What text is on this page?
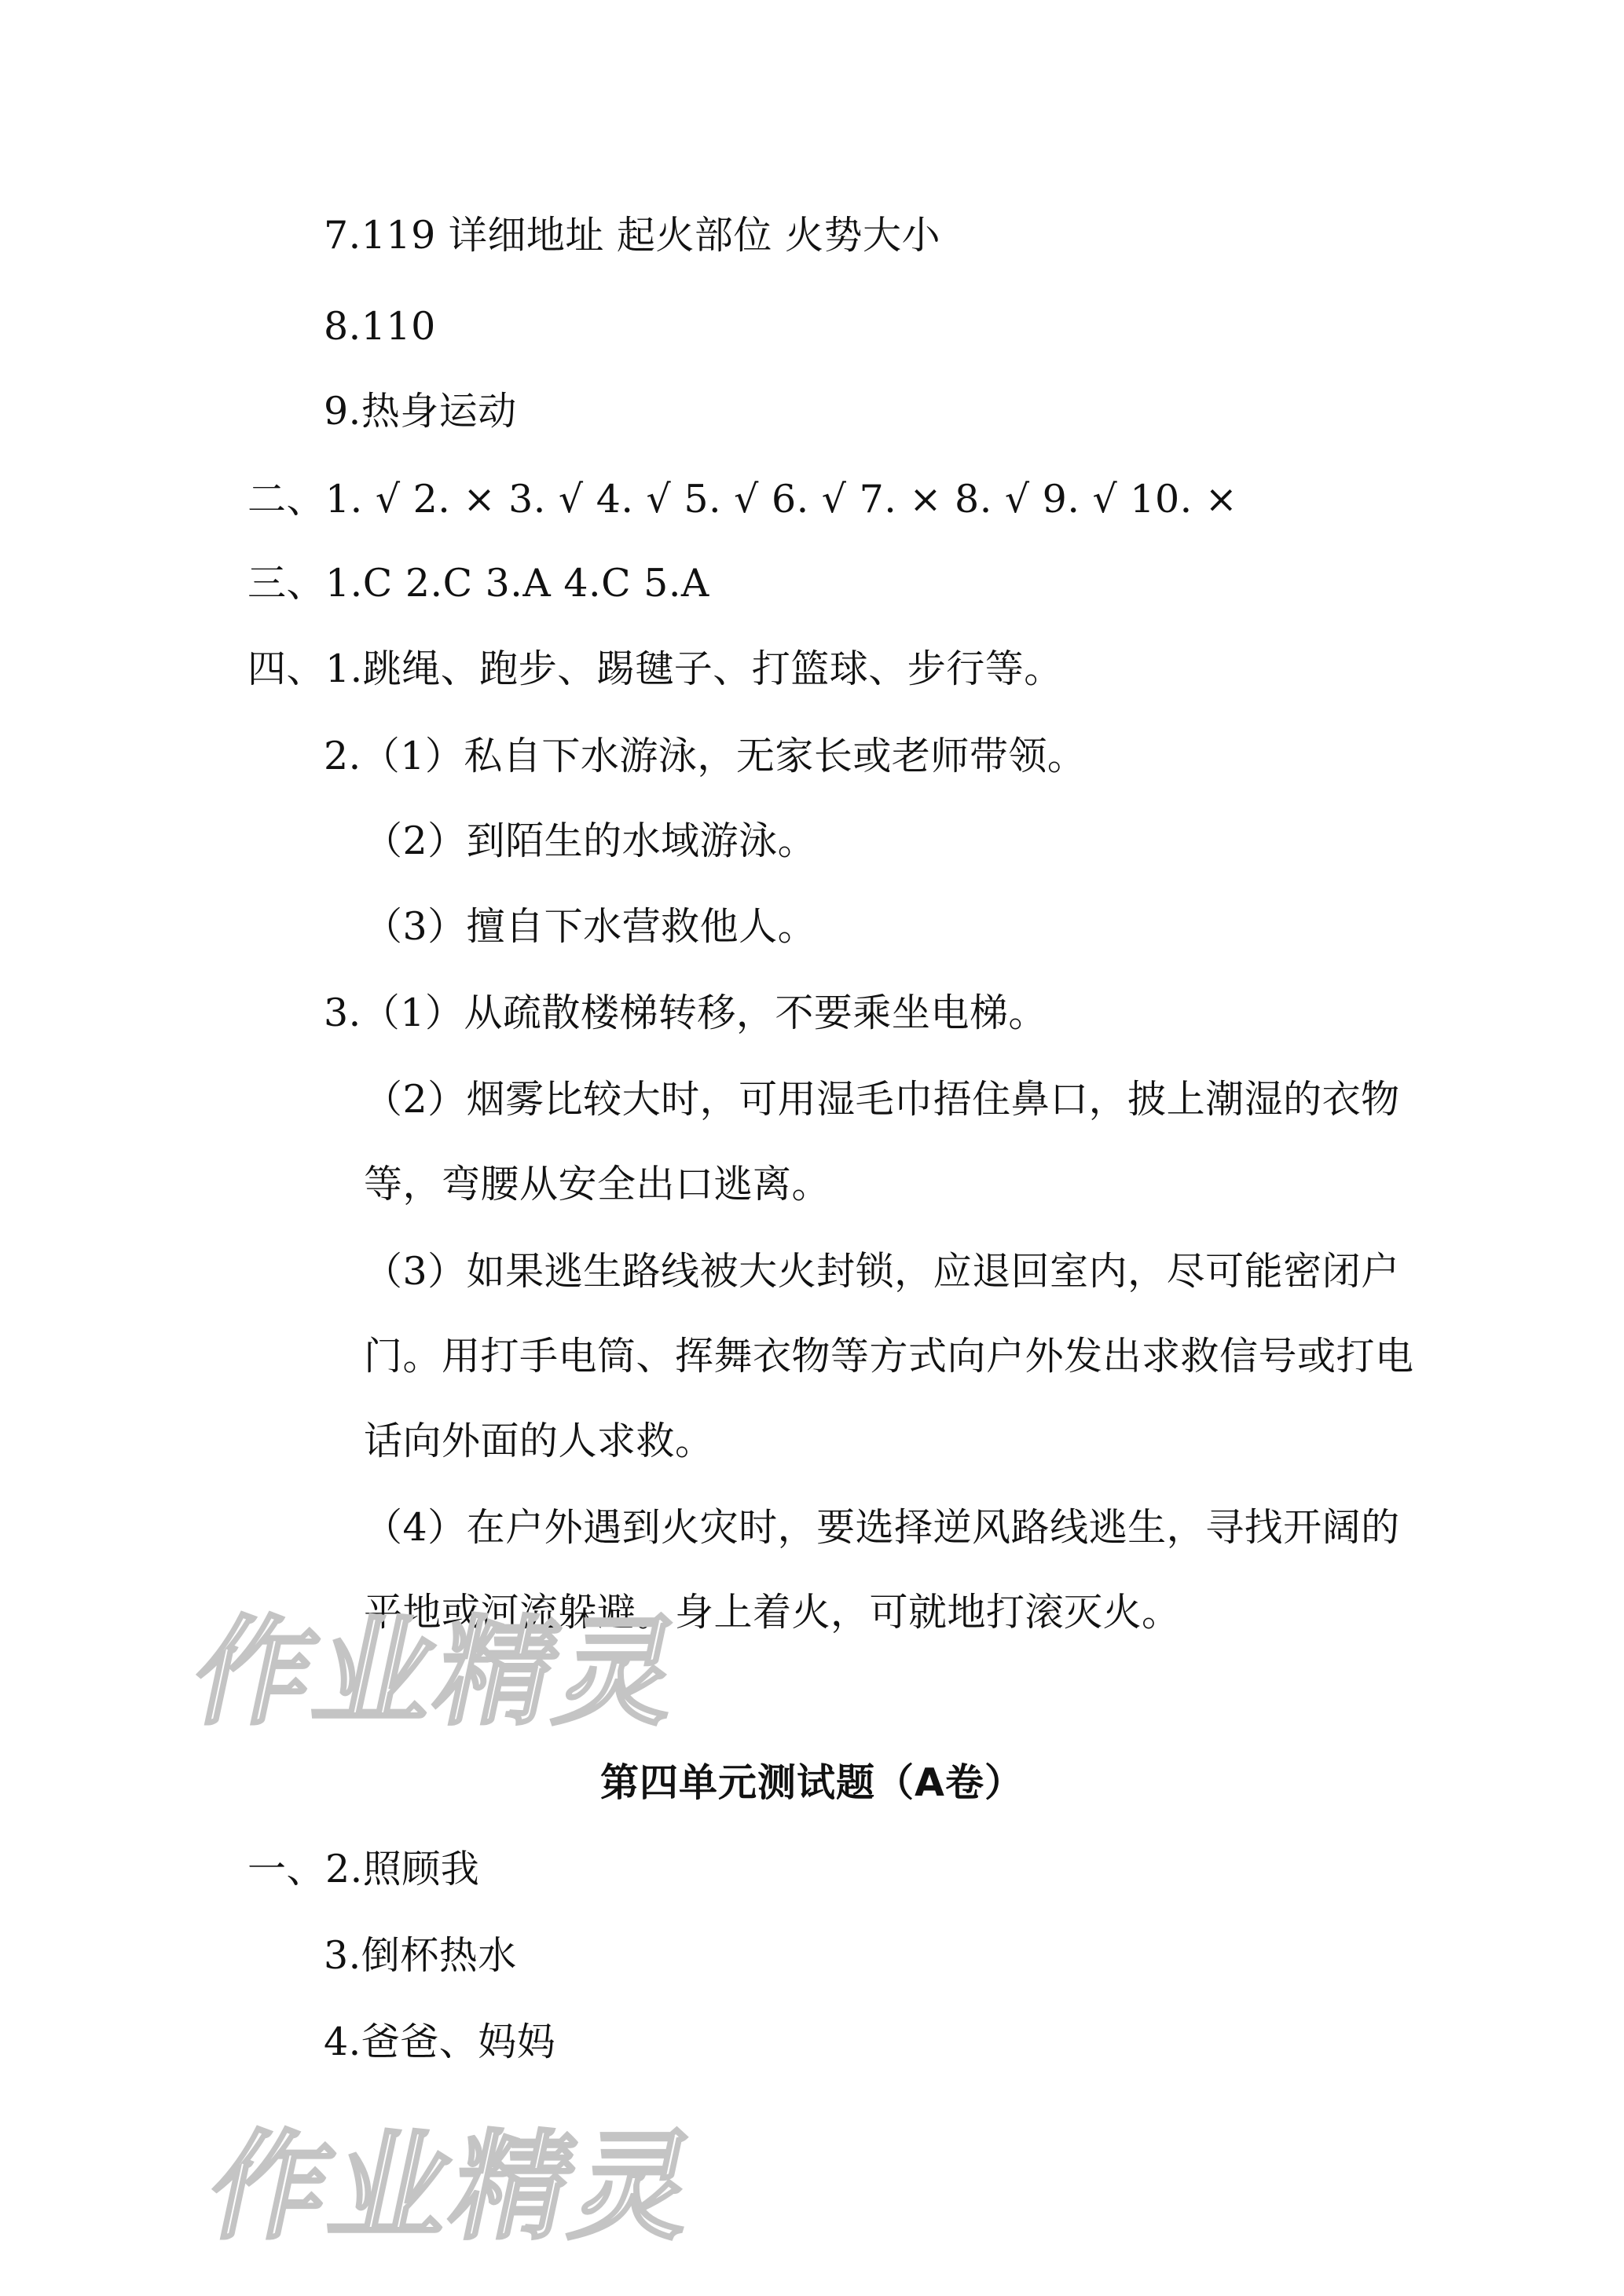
7.119 详细地址 起火部位 火势大小
8.110
9.热身运动
二、1. √ 2. × 3. √ 4. √ 5. √ 6. √ 7. × 8. √ 9. √ 10. ×
三、1.C 2.C 3.A 4.C 5.A
四、1.跳绳、跑步、踢毽子、打篮球、步行等。
2.（1）私自下水游泳，无家长或老师带领。
（2）到陌生的水域游泳。
（3）擅自下水营救他人。
3.（1）从疏散楼梯转移，不要乘坐电梯。
（2）烟雾比较大时，可用湿毛巾捂住鼻口，披上潮湿的衣物
等，弯腰从安全出口逃离。
（3）如果逃生路线被大火封锁，应退回室内，尽可能密闭户
门。用打手电筒、挥舞衣物等方式向户外发出求救信号或打电
话向外面的人求救。
（4）在户外遇到火灾时，要选择逆风路线逃生，寻找开阔的
平地或河流躲避。身上着火，可就地打滚灭火。
作业精灵
第四单元测试题（A卷）
一、2.照顾我
3.倒杯热水
4.爸爸、妈妈
作业精灵
